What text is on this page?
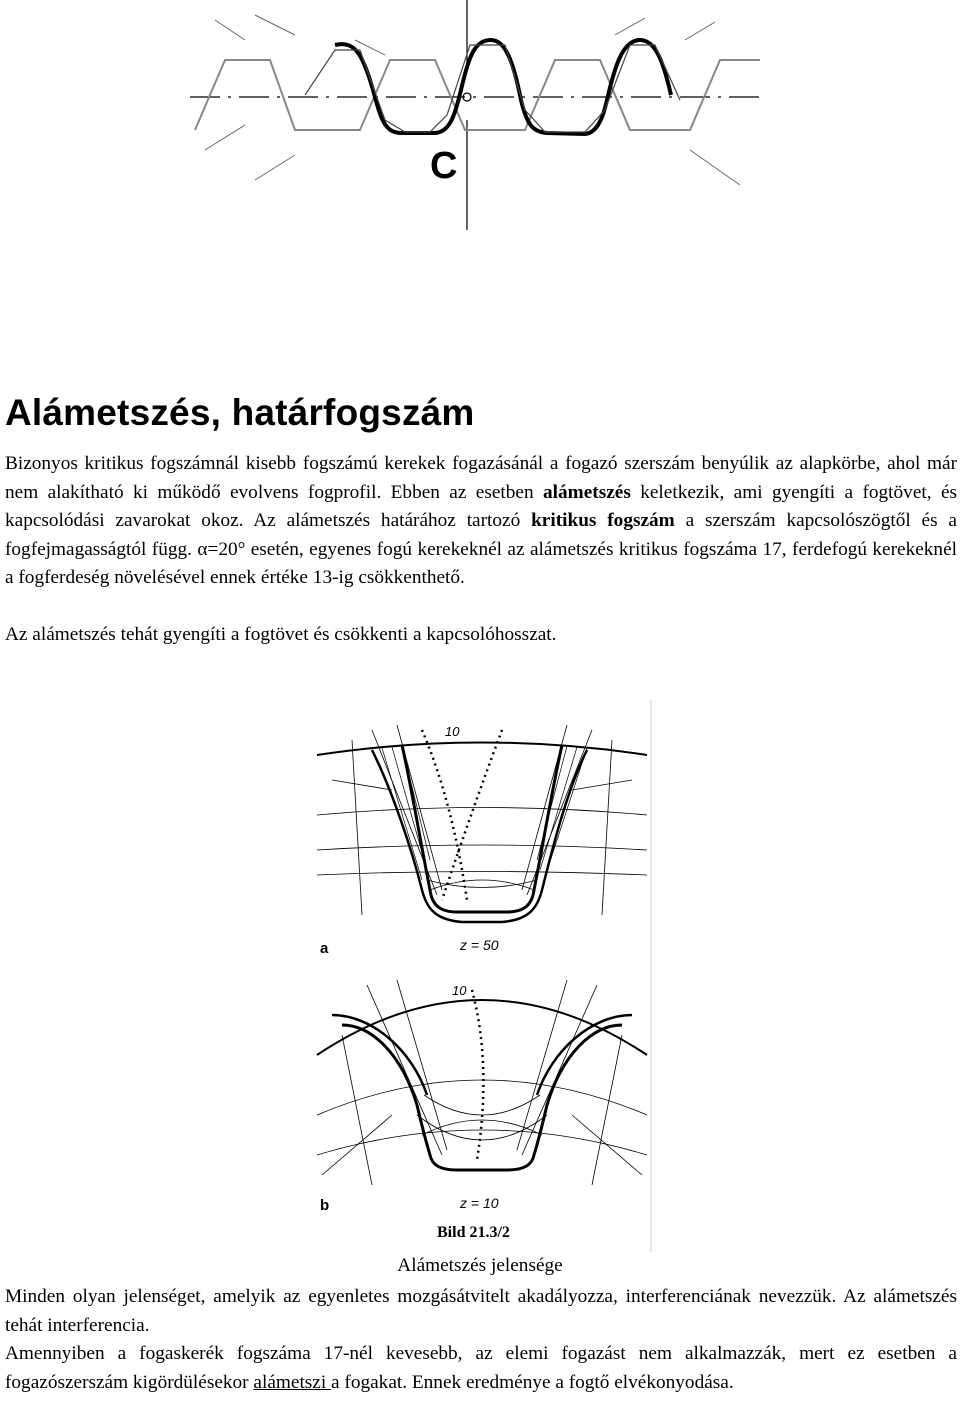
C
Alámetszés, határfogszám

Bizonyos kritikus fogszámnál kisebb fogszámú kerekek fogazásánál a fogazó szerszám benyúlik az alapkörbe, ahol már nem alakítható ki működő evolvens fogprofil. Ebben az esetben alámetszés keletkezik, ami gyengíti a fogtövet, és kapcsolódási zavarokat okoz. Az alámetszés határához tartozó kritikus fogszám a szerszám kapcsolószögtől és a fogfejmagasságtól függ. α=20° esetén, egyenes fogú kerekeknél az alámetszés kritikus fogszáma 17, ferdefogú kerekeknél a fogferdeség növelésével ennek értéke 13-ig csökkenthető.

Az alámetszés tehát gyengíti a fogtövet és csökkenti a kapcsolóhosszat.

a	z = 50
10
b	z = 10
10
Bild 21.3/2
Alámetszés jelensége

Minden olyan jelenséget, amelyik az egyenletes mozgásátvitelt akadályozza, interferenciának nevezzük. Az alámetszés tehát interferencia.

Amennyiben a fogaskerék fogszáma 17-nél kevesebb, az elemi fogazást nem alkalmazzák, mert ez esetben a fogazószerszám kigördülésekor alámetszi a fogakat. Ennek eredménye a fogtő elvékonyodása.
